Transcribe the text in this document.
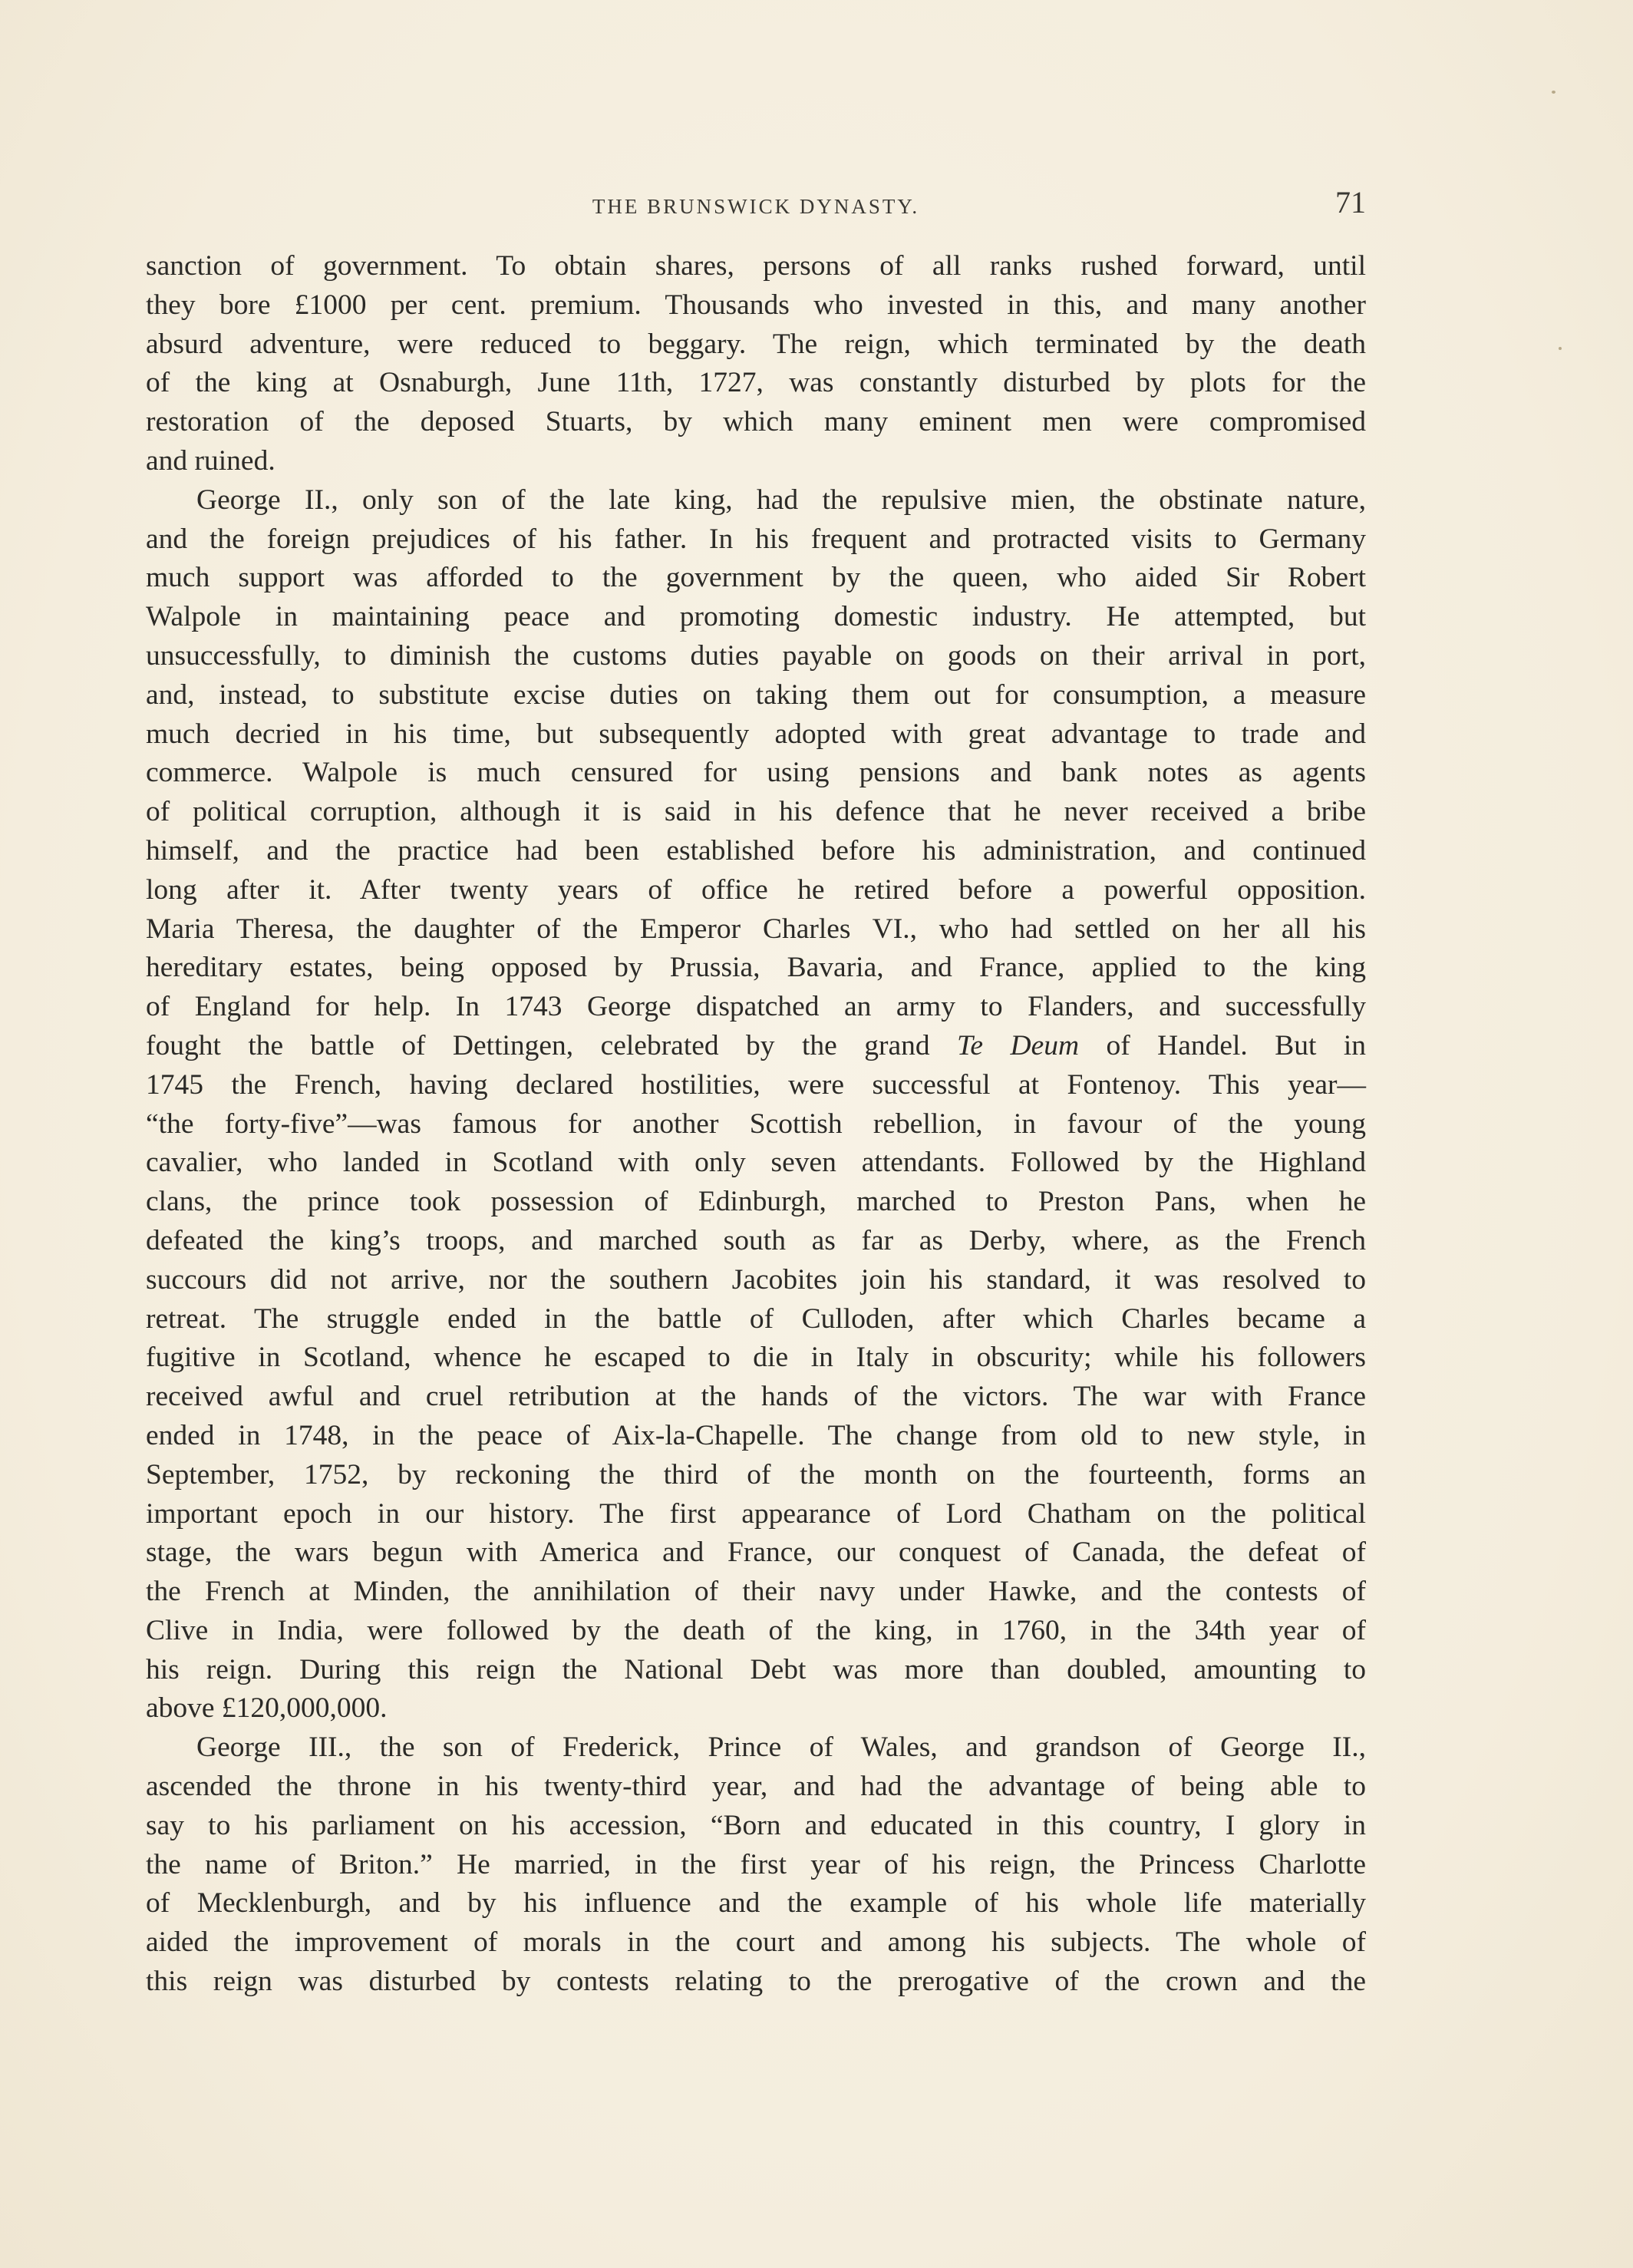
THE BRUNSWICK DYNASTY.	71

sanction of government. To obtain shares, persons of all ranks rushed forward, until

they bore £1000 per cent. premium. Thousands who invested in this, and many another

absurd adventure, were reduced to beggary. The reign, which terminated by the death

of the king at Osnaburgh, June 11th, 1727, was constantly disturbed by plots for the

restoration of the deposed Stuarts, by which many eminent men were compromised

and ruined.

George II., only son of the late king, had the repulsive mien, the obstinate nature,

and the foreign prejudices of his father. In his frequent and protracted visits to Germany

much support was afforded to the government by the queen, who aided Sir Robert

Walpole in maintaining peace and promoting domestic industry. He attempted, but

unsuccessfully, to diminish the customs duties payable on goods on their arrival in port,

and, instead, to substitute excise duties on taking them out for consumption, a measure

much decried in his time, but subsequently adopted with great advantage to trade and

commerce. Walpole is much censured for using pensions and bank notes as agents

of political corruption, although it is said in his defence that he never received a bribe

himself, and the practice had been established before his administration, and continued

long after it. After twenty years of office he retired before a powerful opposition.

Maria Theresa, the daughter of the Emperor Charles VI., who had settled on her all his

hereditary estates, being opposed by Prussia, Bavaria, and France, applied to the king

of England for help. In 1743 George dispatched an army to Flanders, and successfully

fought the battle of Dettingen, celebrated by the grand Te Deum of Handel. But in

1745 the French, having declared hostilities, were successful at Fontenoy. This year—

“the forty-five”—was famous for another Scottish rebellion, in favour of the young

cavalier, who landed in Scotland with only seven attendants. Followed by the Highland

clans, the prince took possession of Edinburgh, marched to Preston Pans, when he

defeated the king’s troops, and marched south as far as Derby, where, as the French

succours did not arrive, nor the southern Jacobites join his standard, it was resolved to

retreat. The struggle ended in the battle of Culloden, after which Charles became a

fugitive in Scotland, whence he escaped to die in Italy in obscurity; while his followers

received awful and cruel retribution at the hands of the victors. The war with France

ended in 1748, in the peace of Aix-la-Chapelle. The change from old to new style, in

September, 1752, by reckoning the third of the month on the fourteenth, forms an

important epoch in our history. The first appearance of Lord Chatham on the political

stage, the wars begun with America and France, our conquest of Canada, the defeat of

the French at Minden, the annihilation of their navy under Hawke, and the contests of

Clive in India, were followed by the death of the king, in 1760, in the 34th year of

his reign. During this reign the National Debt was more than doubled, amounting to

above £120,000,000.

George III., the son of Frederick, Prince of Wales, and grandson of George II.,

ascended the throne in his twenty-third year, and had the advantage of being able to

say to his parliament on his accession, “Born and educated in this country, I glory in

the name of Briton.” He married, in the first year of his reign, the Princess Charlotte

of Mecklenburgh, and by his influence and the example of his whole life materially

aided the improvement of morals in the court and among his subjects. The whole of

this reign was disturbed by contests relating to the prerogative of the crown and the
